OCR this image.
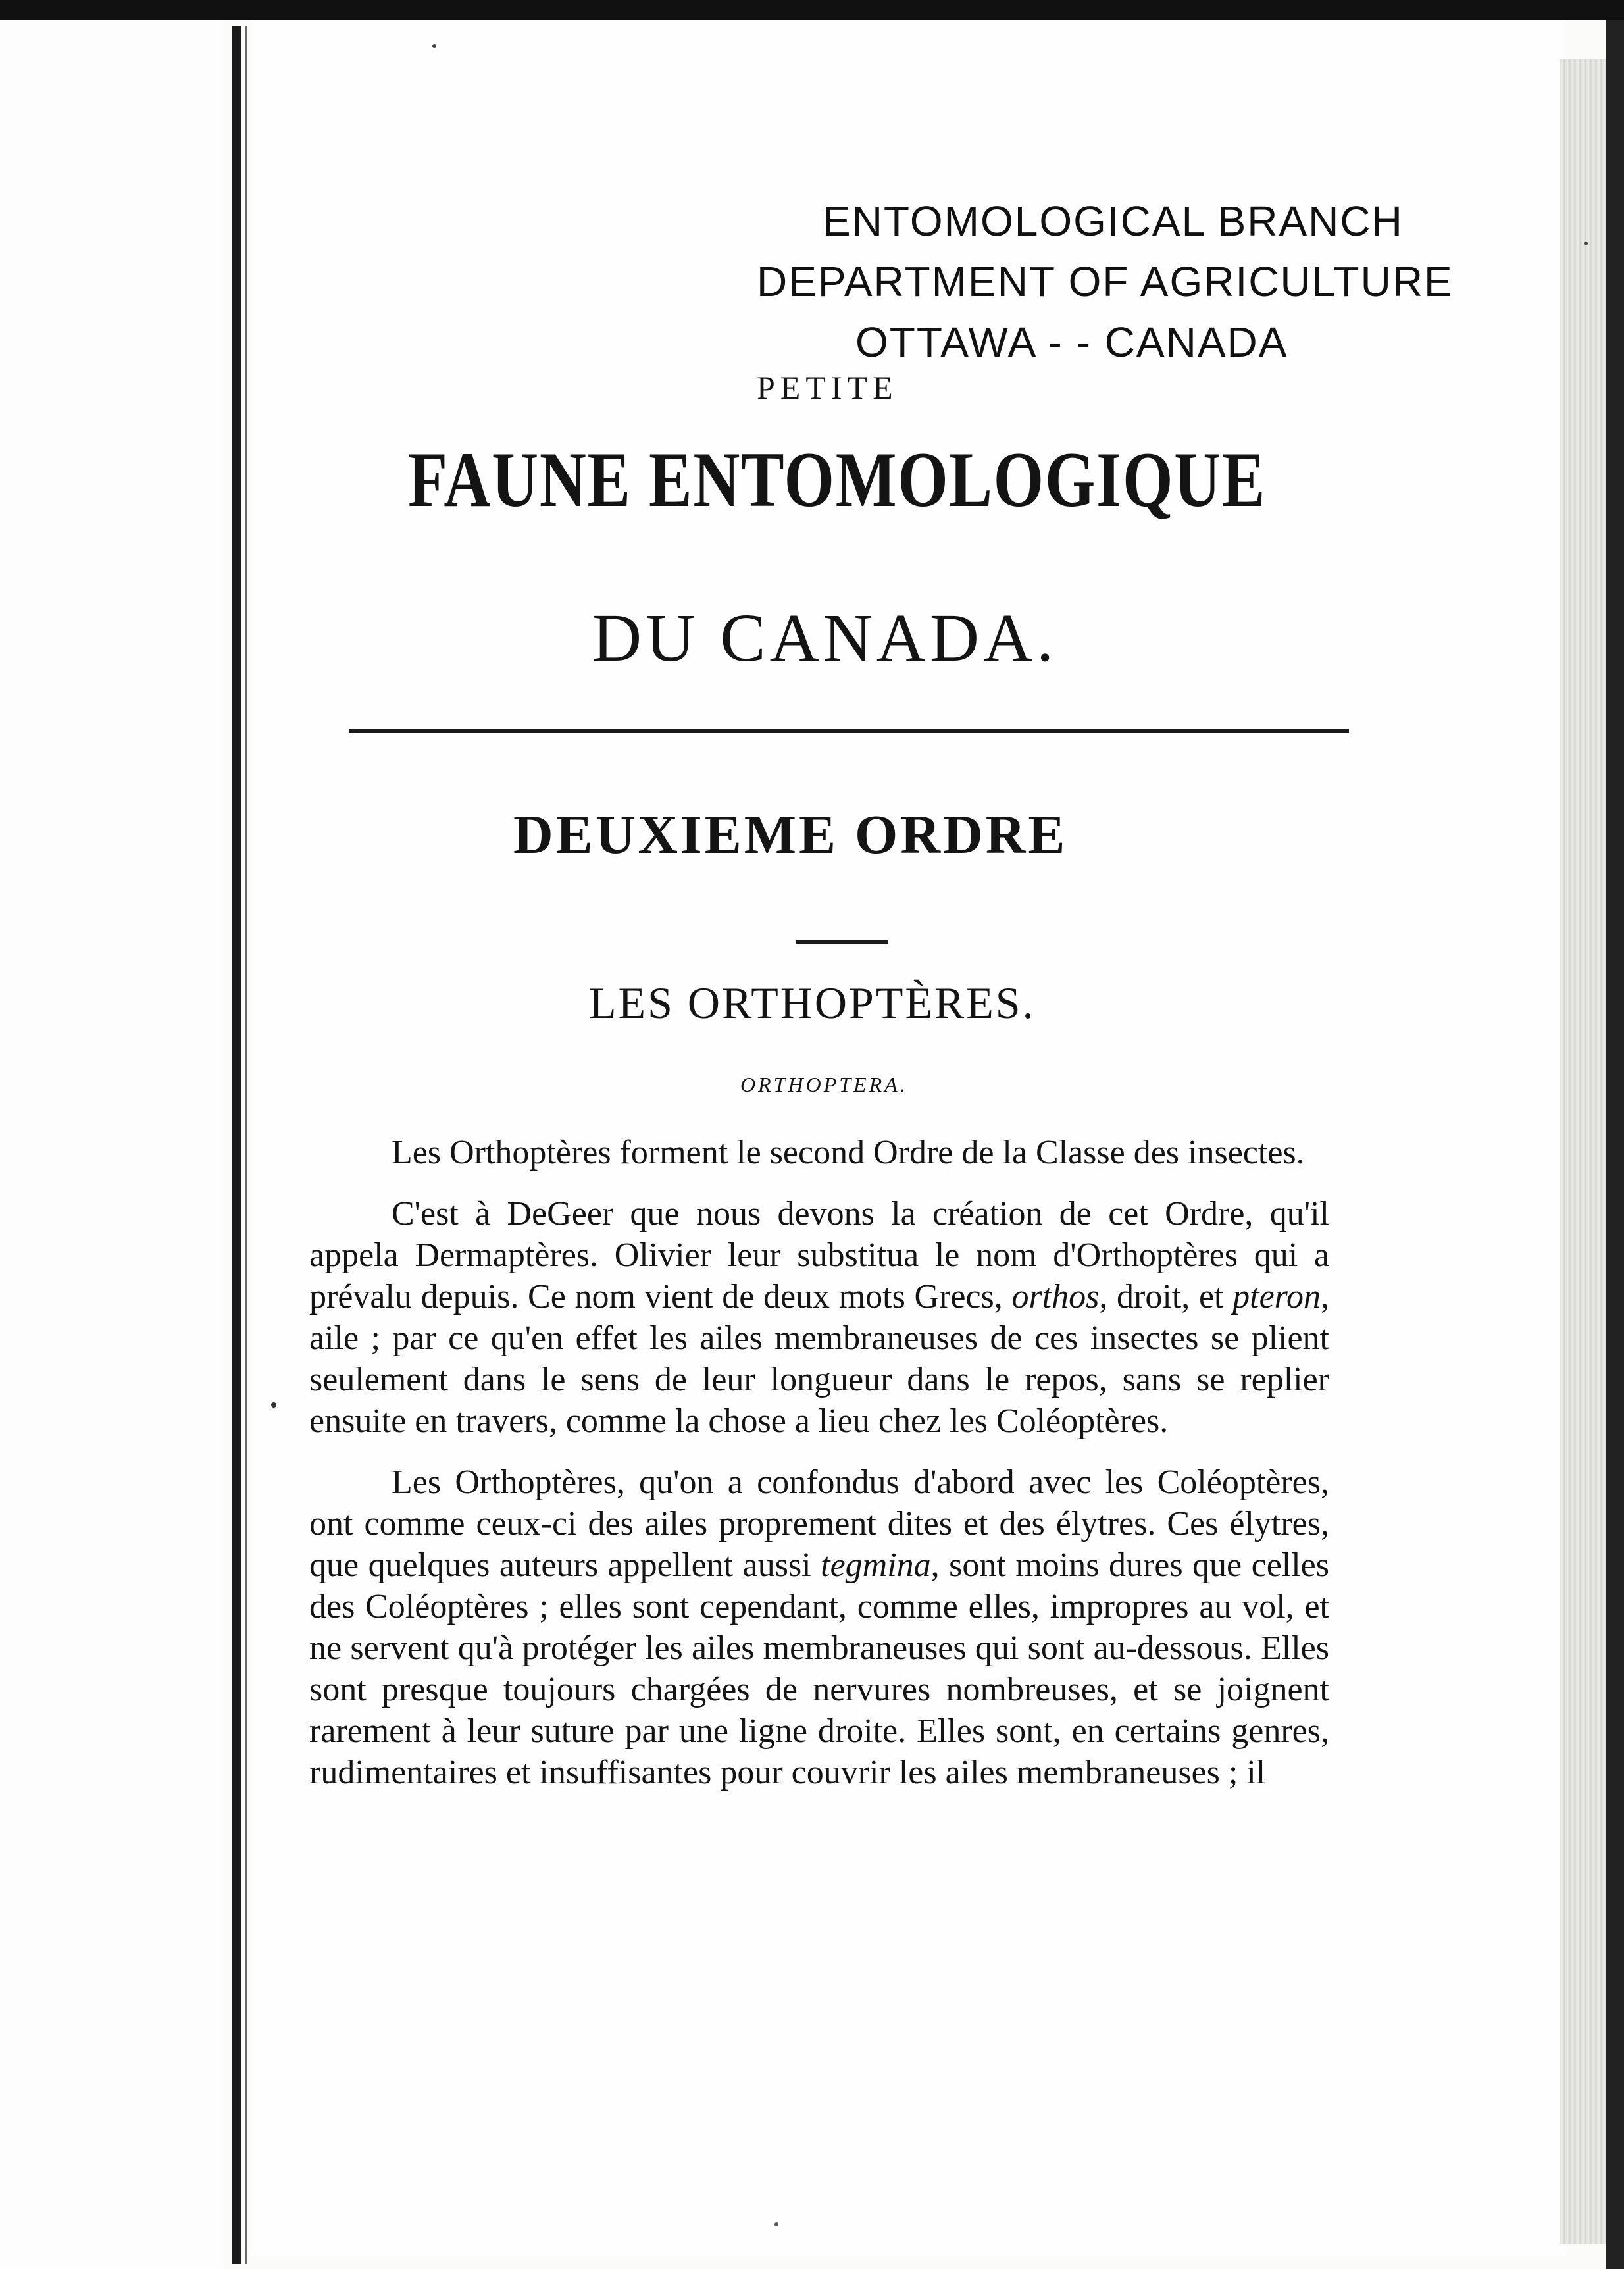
ENTOMOLOGICAL BRANCH
DEPARTMENT OF AGRICULTURE
OTTAWA - - CANADA
PETITE
FAUNE ENTOMOLOGIQUE
DU CANADA.
DEUXIEME ORDRE
LES ORTHOPTÈRES.
ORTHOPTERA.

Les Orthoptères forment le second Ordre de la Classe des insectes.

C'est à DeGeer que nous devons la création de cet Ordre, qu'il appela Dermaptères. Olivier leur substitua le nom d'Orthoptères qui a prévalu depuis. Ce nom vient de deux mots Grecs, orthos, droit, et pteron, aile ; par ce qu'en effet les ailes membraneuses de ces insectes se plient seulement dans le sens de leur longueur dans le repos, sans se replier ensuite en travers, comme la chose a lieu chez les Coléoptères.

Les Orthoptères, qu'on a confondus d'abord avec les Coléoptères, ont comme ceux-ci des ailes proprement dites et des élytres. Ces élytres, que quelques auteurs appellent aussi tegmina, sont moins dures que celles des Coléoptères ; elles sont cependant, comme elles, impropres au vol, et ne servent qu'à protéger les ailes membraneuses qui sont au-dessous. Elles sont presque toujours chargées de nervures nombreuses, et se joignent rarement à leur suture par une ligne droite. Elles sont, en certains genres, rudimentaires et insuffisantes pour couvrir les ailes membraneuses ; il
